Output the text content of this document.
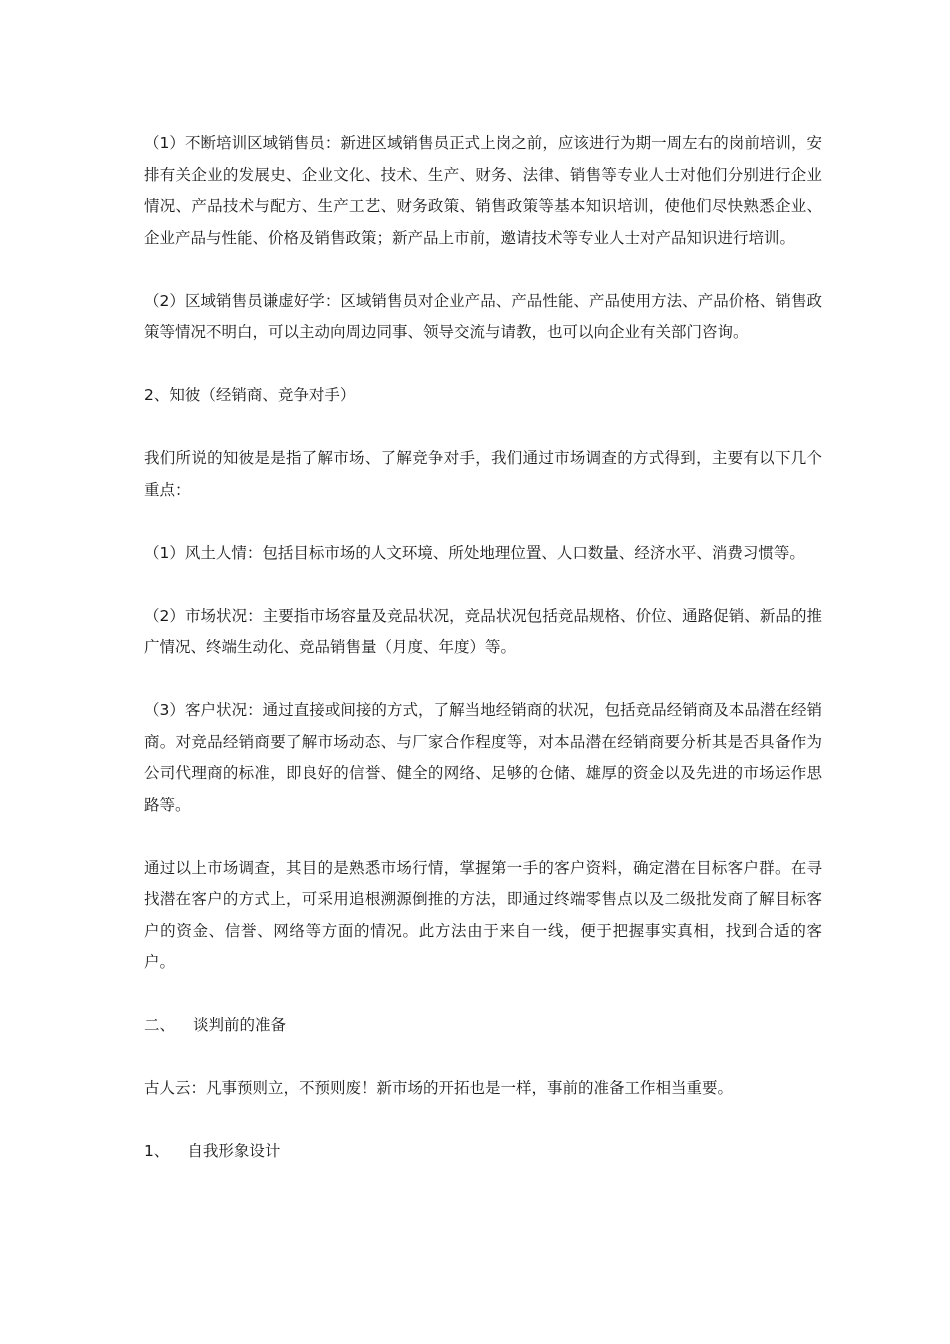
（1）不断培训区域销售员：新进区域销售员正式上岗之前，应该进行为期一周左右的岗前培训，安排有关企业的发展史、企业文化、技术、生产、财务、法律、销售等专业人士对他们分别进行企业情况、产品技术与配方、生产工艺、财务政策、销售政策等基本知识培训，使他们尽快熟悉企业、企业产品与性能、价格及销售政策；新产品上市前，邀请技术等专业人士对产品知识进行培训。

（2）区域销售员谦虚好学：区域销售员对企业产品、产品性能、产品使用方法、产品价格、销售政策等情况不明白，可以主动向周边同事、领导交流与请教，也可以向企业有关部门咨询。

2、知彼（经销商、竞争对手）

我们所说的知彼是是指了解市场、了解竞争对手，我们通过市场调查的方式得到，主要有以下几个重点：

（1）风土人情：包括目标市场的人文环境、所处地理位置、人口数量、经济水平、消费习惯等。

（2）市场状况：主要指市场容量及竞品状况，竞品状况包括竞品规格、价位、通路促销、新品的推广情况、终端生动化、竞品销售量（月度、年度）等。

（3）客户状况：通过直接或间接的方式，了解当地经销商的状况，包括竞品经销商及本品潜在经销商。对竞品经销商要了解市场动态、与厂家合作程度等，对本品潜在经销商要分析其是否具备作为公司代理商的标准，即良好的信誉、健全的网络、足够的仓储、雄厚的资金以及先进的市场运作思路等。

通过以上市场调查，其目的是熟悉市场行情，掌握第一手的客户资料，确定潜在目标客户群。在寻找潜在客户的方式上，可采用追根溯源倒推的方法，即通过终端零售点以及二级批发商了解目标客户的资金、信誉、网络等方面的情况。此方法由于来自一线，便于把握事实真相，找到合适的客户。

二、 谈判前的准备

古人云：凡事预则立，不预则废！新市场的开拓也是一样，事前的准备工作相当重要。

1、 自我形象设计
